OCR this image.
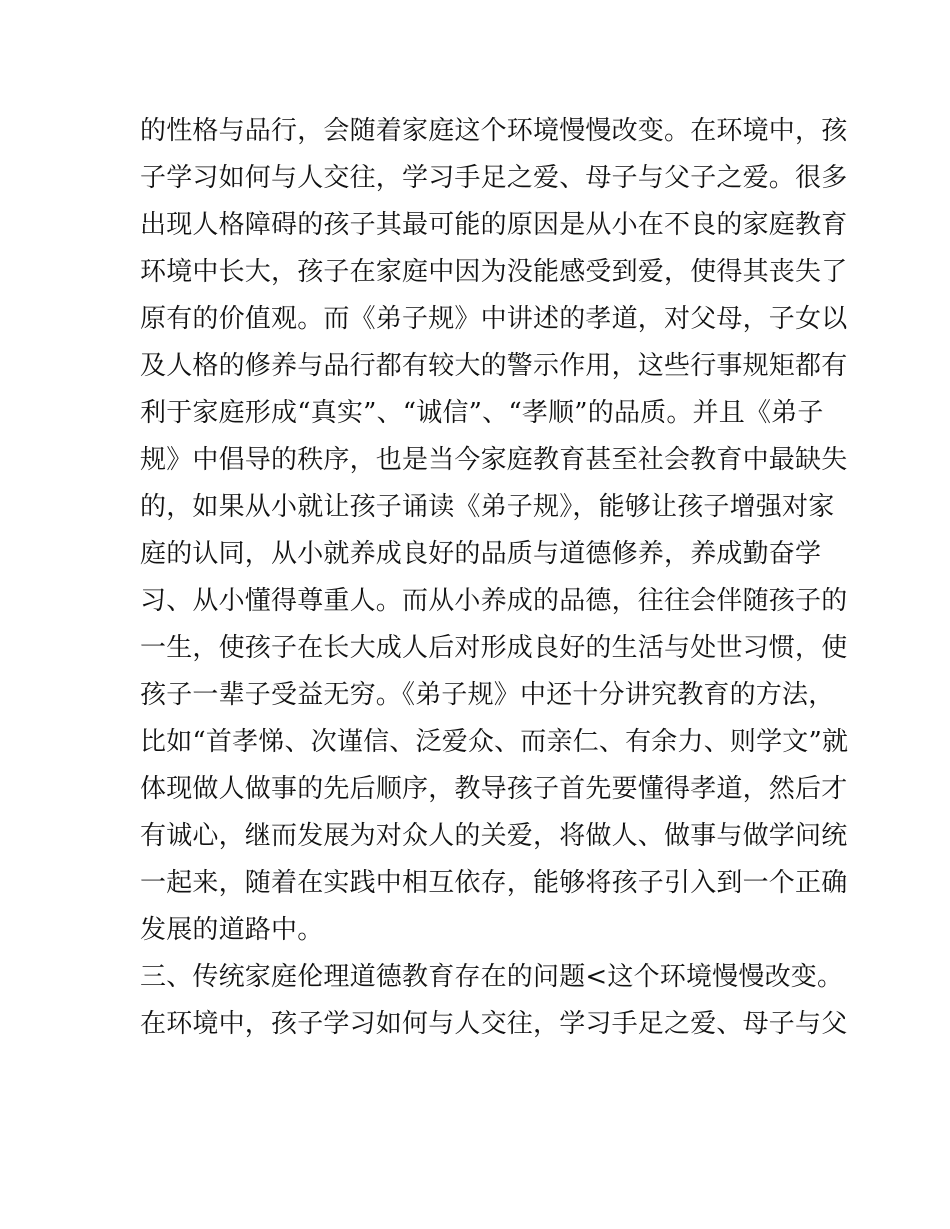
的性格与品行，会随着家庭这个环境慢慢改变。在环境中，孩
子学习如何与人交往，学习手足之爱、母子与父子之爱。很多
出现人格障碍的孩子其最可能的原因是从小在不良的家庭教育
环境中长大，孩子在家庭中因为没能感受到爱，使得其丧失了
原有的价值观。而《弟子规》中讲述的孝道，对父母，子女以
及人格的修养与品行都有较大的警示作用，这些行事规矩都有
利于家庭形成“真实”、“诚信”、“孝顺”的品质。并且《弟子
规》中倡导的秩序，也是当今家庭教育甚至社会教育中最缺失
的，如果从小就让孩子诵读《弟子规》，能够让孩子增强对家
庭的认同，从小就养成良好的品质与道德修养，养成勤奋学
习、从小懂得尊重人。而从小养成的品德，往往会伴随孩子的
一生，使孩子在长大成人后对形成良好的生活与处世习惯，使
孩子一辈子受益无穷。《弟子规》中还十分讲究教育的方法，
比如“首孝悌、次谨信、泛爱众、而亲仁、有余力、则学文”就
体现做人做事的先后顺序，教导孩子首先要懂得孝道，然后才
有诚心，继而发展为对众人的关爱，将做人、做事与做学问统
一起来，随着在实践中相互依存，能够将孩子引入到一个正确
发展的道路中。
三、传统家庭伦理道德教育存在的问题<这个环境慢慢改变。
在环境中，孩子学习如何与人交往，学习手足之爱、母子与父
